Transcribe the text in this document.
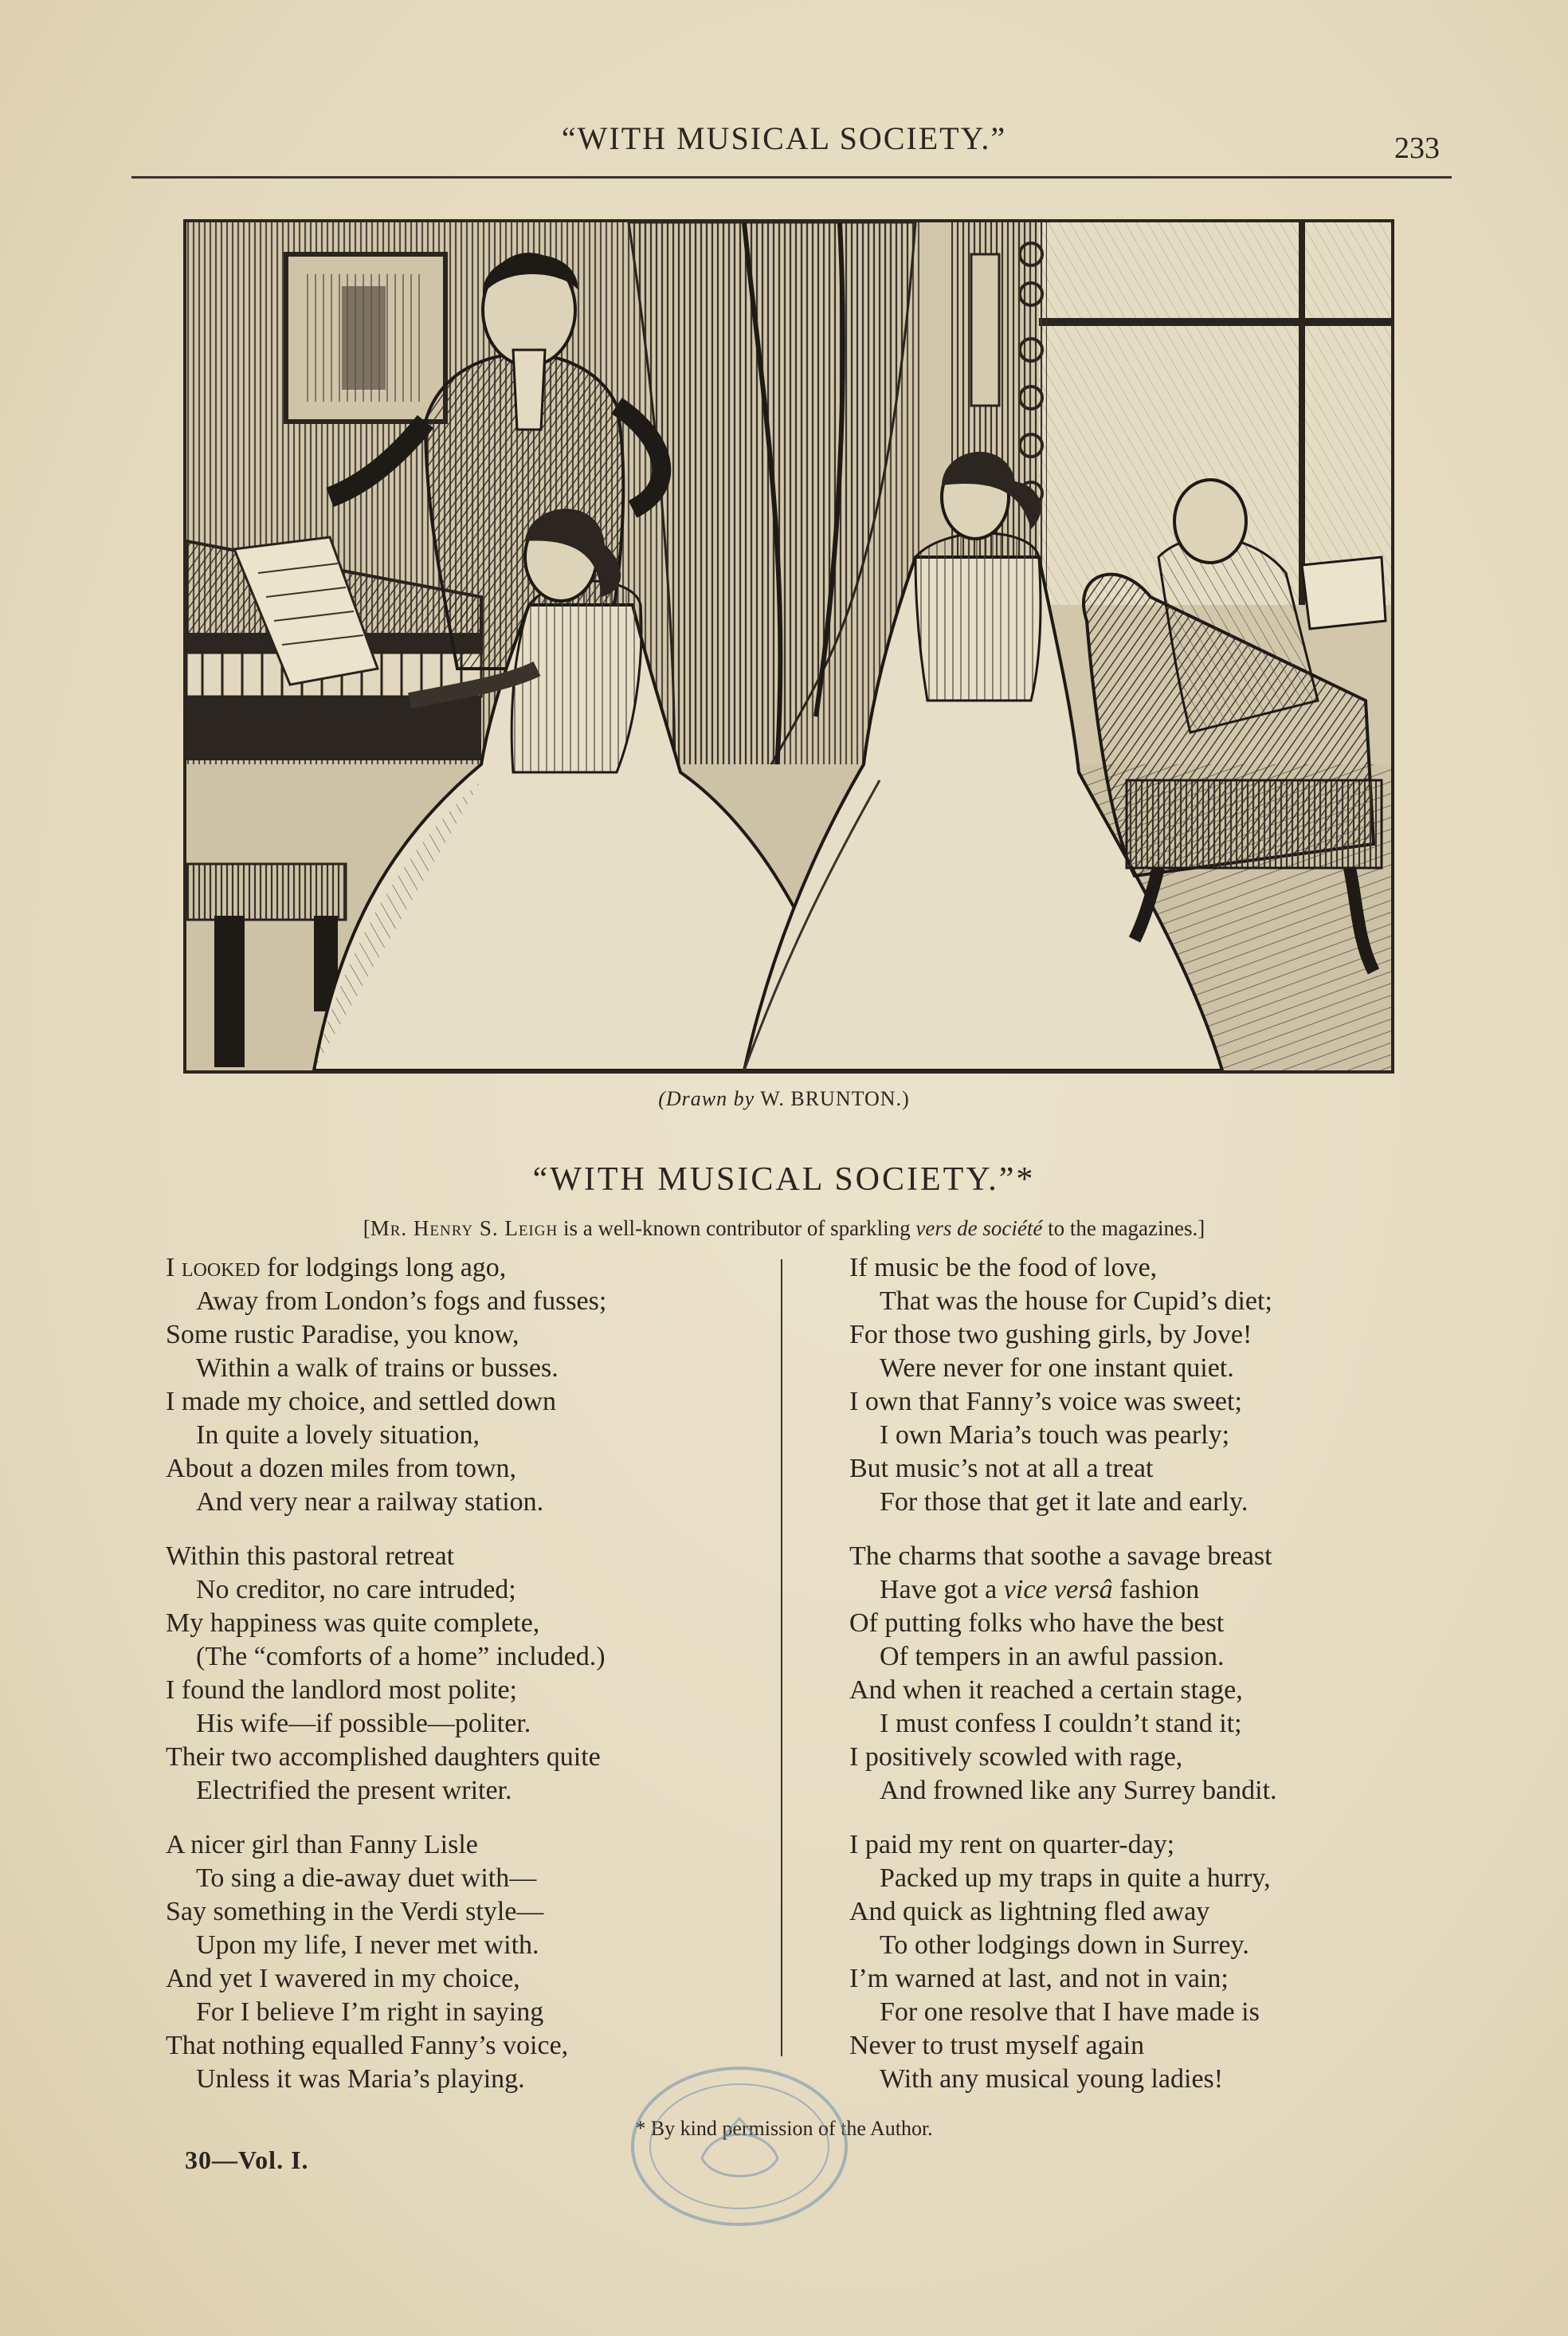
“WITH MUSICAL SOCIETY.”	233
(Drawn by W. BRUNTON.)
“WITH MUSICAL SOCIETY.”*
[Mr. Henry S. Leigh is a well-known contributor of sparkling vers de société to the magazines.]
I looked for lodgings long ago,
Away from London’s fogs and fusses;
Some rustic Paradise, you know,
Within a walk of trains or busses.
I made my choice, and settled down
In quite a lovely situation,
About a dozen miles from town,
And very near a railway station.
Within this pastoral retreat
No creditor, no care intruded;
My happiness was quite complete,
(The “comforts of a home” included.)
I found the landlord most polite;
His wife—if possible—politer.
Their two accomplished daughters quite
Electrified the present writer.
A nicer girl than Fanny Lisle
To sing a die-away duet with—
Say something in the Verdi style—
Upon my life, I never met with.
And yet I wavered in my choice,
For I believe I’m right in saying
That nothing equalled Fanny’s voice,
Unless it was Maria’s playing.
If music be the food of love,
That was the house for Cupid’s diet;
For those two gushing girls, by Jove!
Were never for one instant quiet.
I own that Fanny’s voice was sweet;
I own Maria’s touch was pearly;
But music’s not at all a treat
For those that get it late and early.
The charms that soothe a savage breast
Have got a vice versâ fashion
Of putting folks who have the best
Of tempers in an awful passion.
And when it reached a certain stage,
I must confess I couldn’t stand it;
I positively scowled with rage,
And frowned like any Surrey bandit.
I paid my rent on quarter-day;
Packed up my traps in quite a hurry,
And quick as lightning fled away
To other lodgings down in Surrey.
I’m warned at last, and not in vain;
For one resolve that I have made is
Never to trust myself again
With any musical young ladies!
* By kind permission of the Author.
30—Vol. I.
